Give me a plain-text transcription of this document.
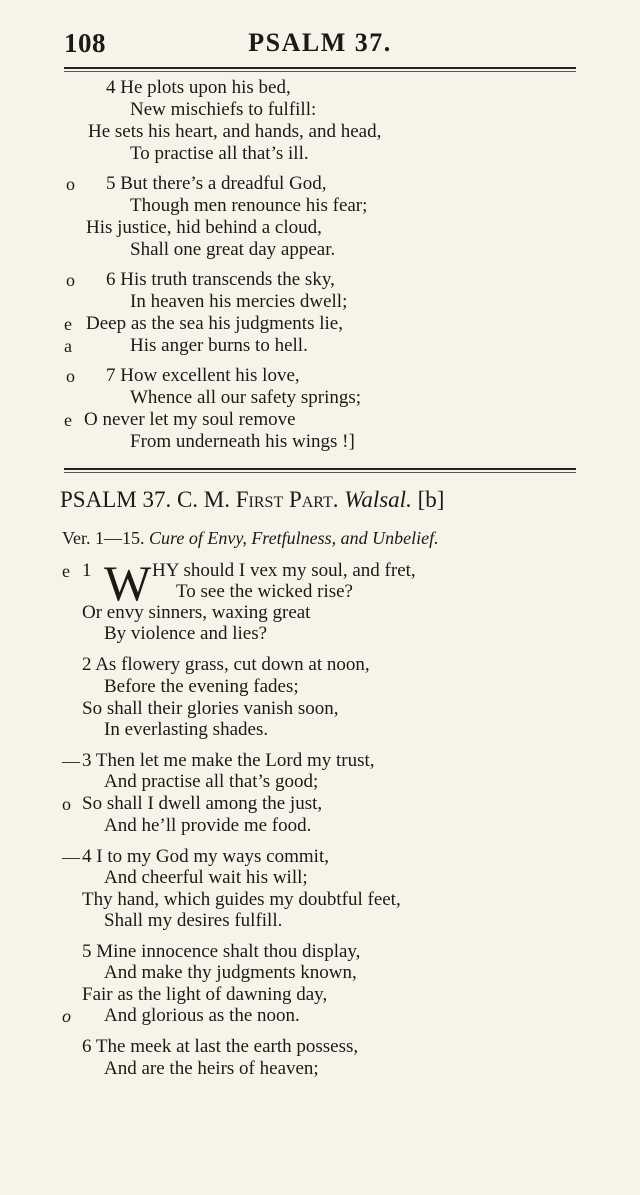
108	PSALM 37.
4 He plots upon his bed,
New mischiefs to fulfill:
He sets his heart, and hands, and head,
To practise all that’s ill.
o 5 But there’s a dreadful God,
Though men renounce his fear;
His justice, hid behind a cloud,
Shall one great day appear.
o 6 His truth transcends the sky,
In heaven his mercies dwell;
e Deep as the sea his judgments lie,
a	His anger burns to hell.
o 7 How excellent his love,
Whence all our safety springs;
e O never let my soul remove
From underneath his wings !]
PSALM 37. C. M. First Part. Walsal. [b]
Ver. 1—15. Cure of Envy, Fretfulness, and Unbelief.
e 1 W HY should I vex my soul, and fret,
To see the wicked rise?
Or envy sinners, waxing great
By violence and lies?
2 As flowery grass, cut down at noon,
Before the evening fades;
So shall their glories vanish soon,
In everlasting shades.
— 3 Then let me make the Lord my trust,
And practise all that’s good;
o So shall I dwell among the just,
And he’ll provide me food.
— 4 I to my God my ways commit,
And cheerful wait his will;
Thy hand, which guides my doubtful feet,
Shall my desires fulfill.
5 Mine innocence shalt thou display,
And make thy judgments known,
Fair as the light of dawning day,
o And glorious as the noon.
6 The meek at last the earth possess,
And are the heirs of heaven;
